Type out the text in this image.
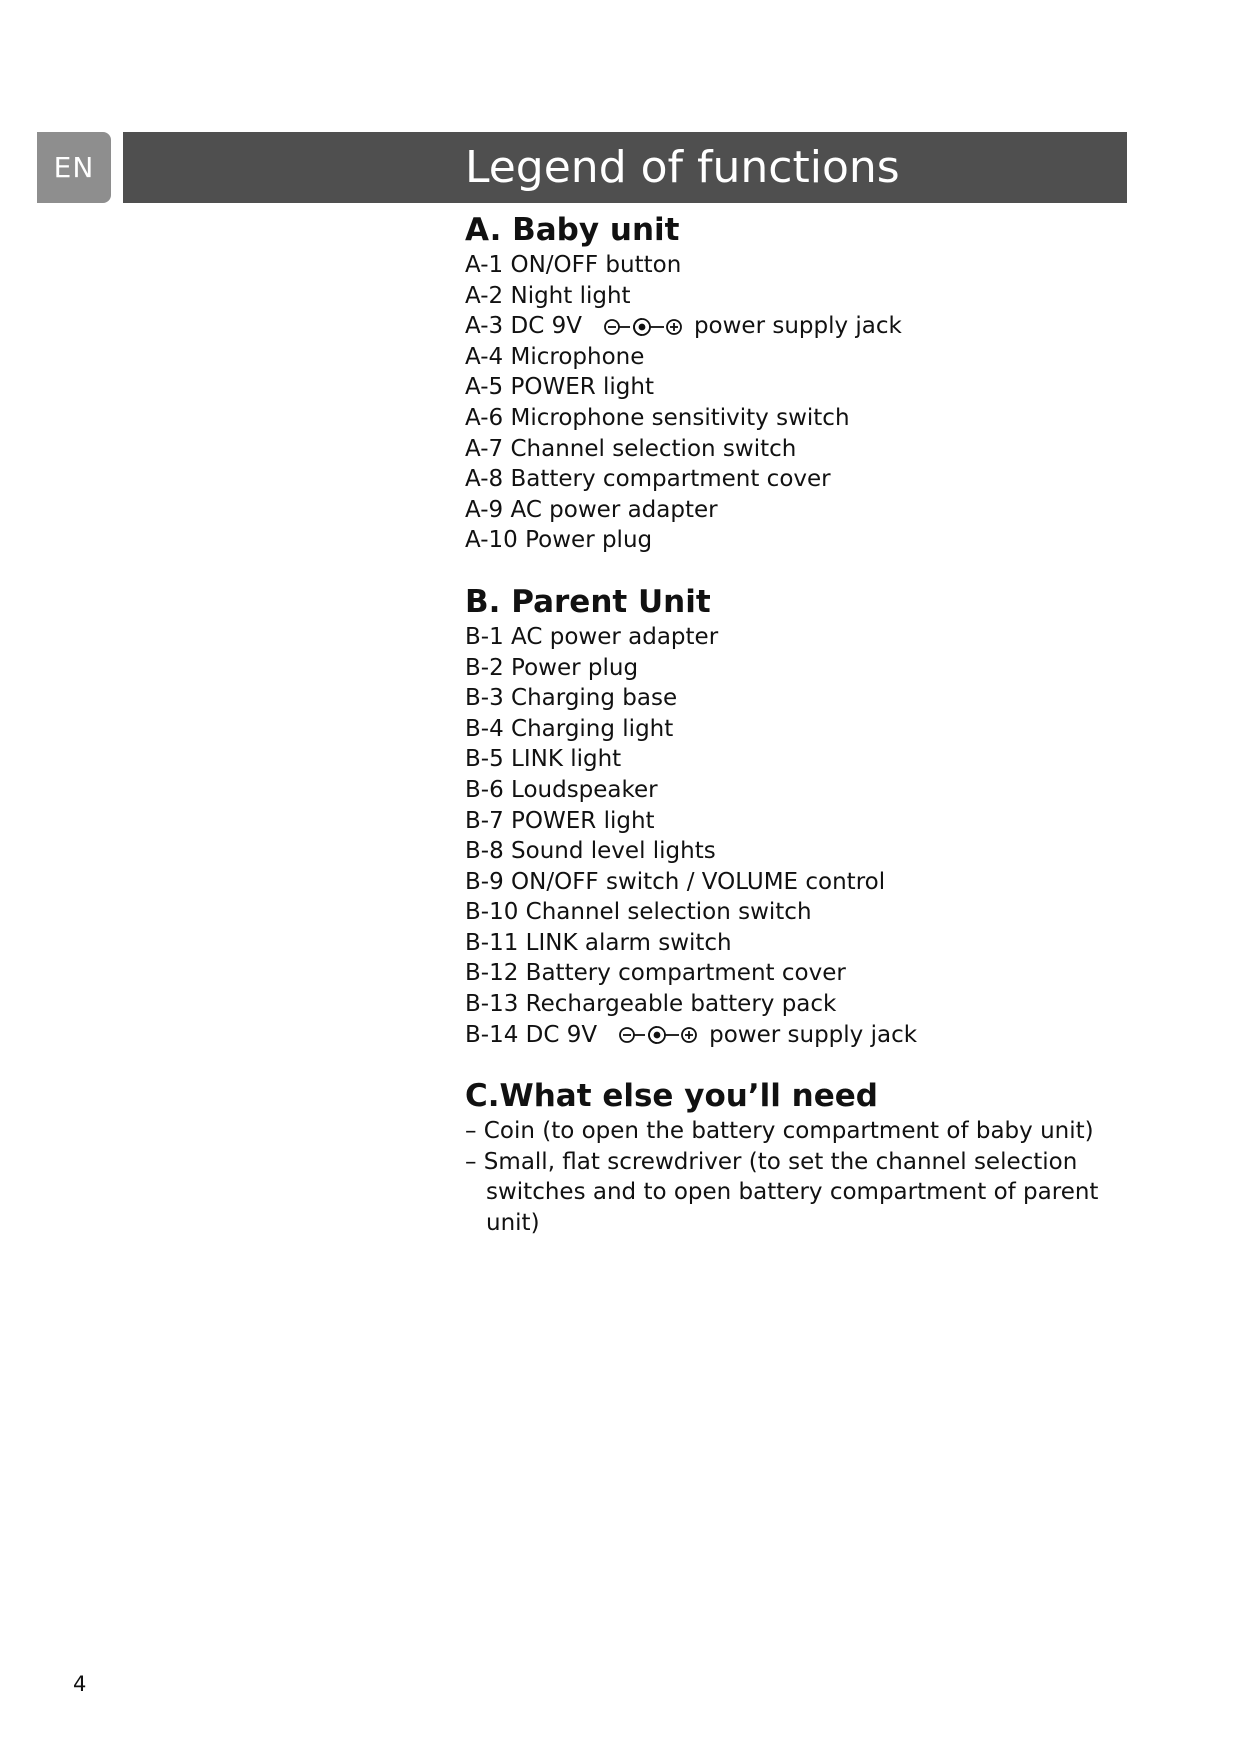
EN	Legend of functions
A. Baby unit
A-1 ON/OFF button
A-2 Night light
A-3 DC 9V	power supply jack
A-4 Microphone
A-5 POWER light
A-6 Microphone sensitivity switch
A-7 Channel selection switch
A-8 Battery compartment cover
A-9 AC power adapter
A-10 Power plug
B. Parent Unit
B-1 AC power adapter
B-2 Power plug
B-3 Charging base
B-4 Charging light
B-5 LINK light
B-6 Loudspeaker
B-7 POWER light
B-8 Sound level lights
B-9 ON/OFF switch / VOLUME control
B-10 Channel selection switch
B-11 LINK alarm switch
B-12 Battery compartment cover
B-13 Rechargeable battery pack
B-14 DC 9V	power supply jack
C.What else you’ll need
– Coin (to open the battery compartment of baby unit)
– Small, flat screwdriver (to set the channel selection switches and to open battery compartment of parent unit)
4
